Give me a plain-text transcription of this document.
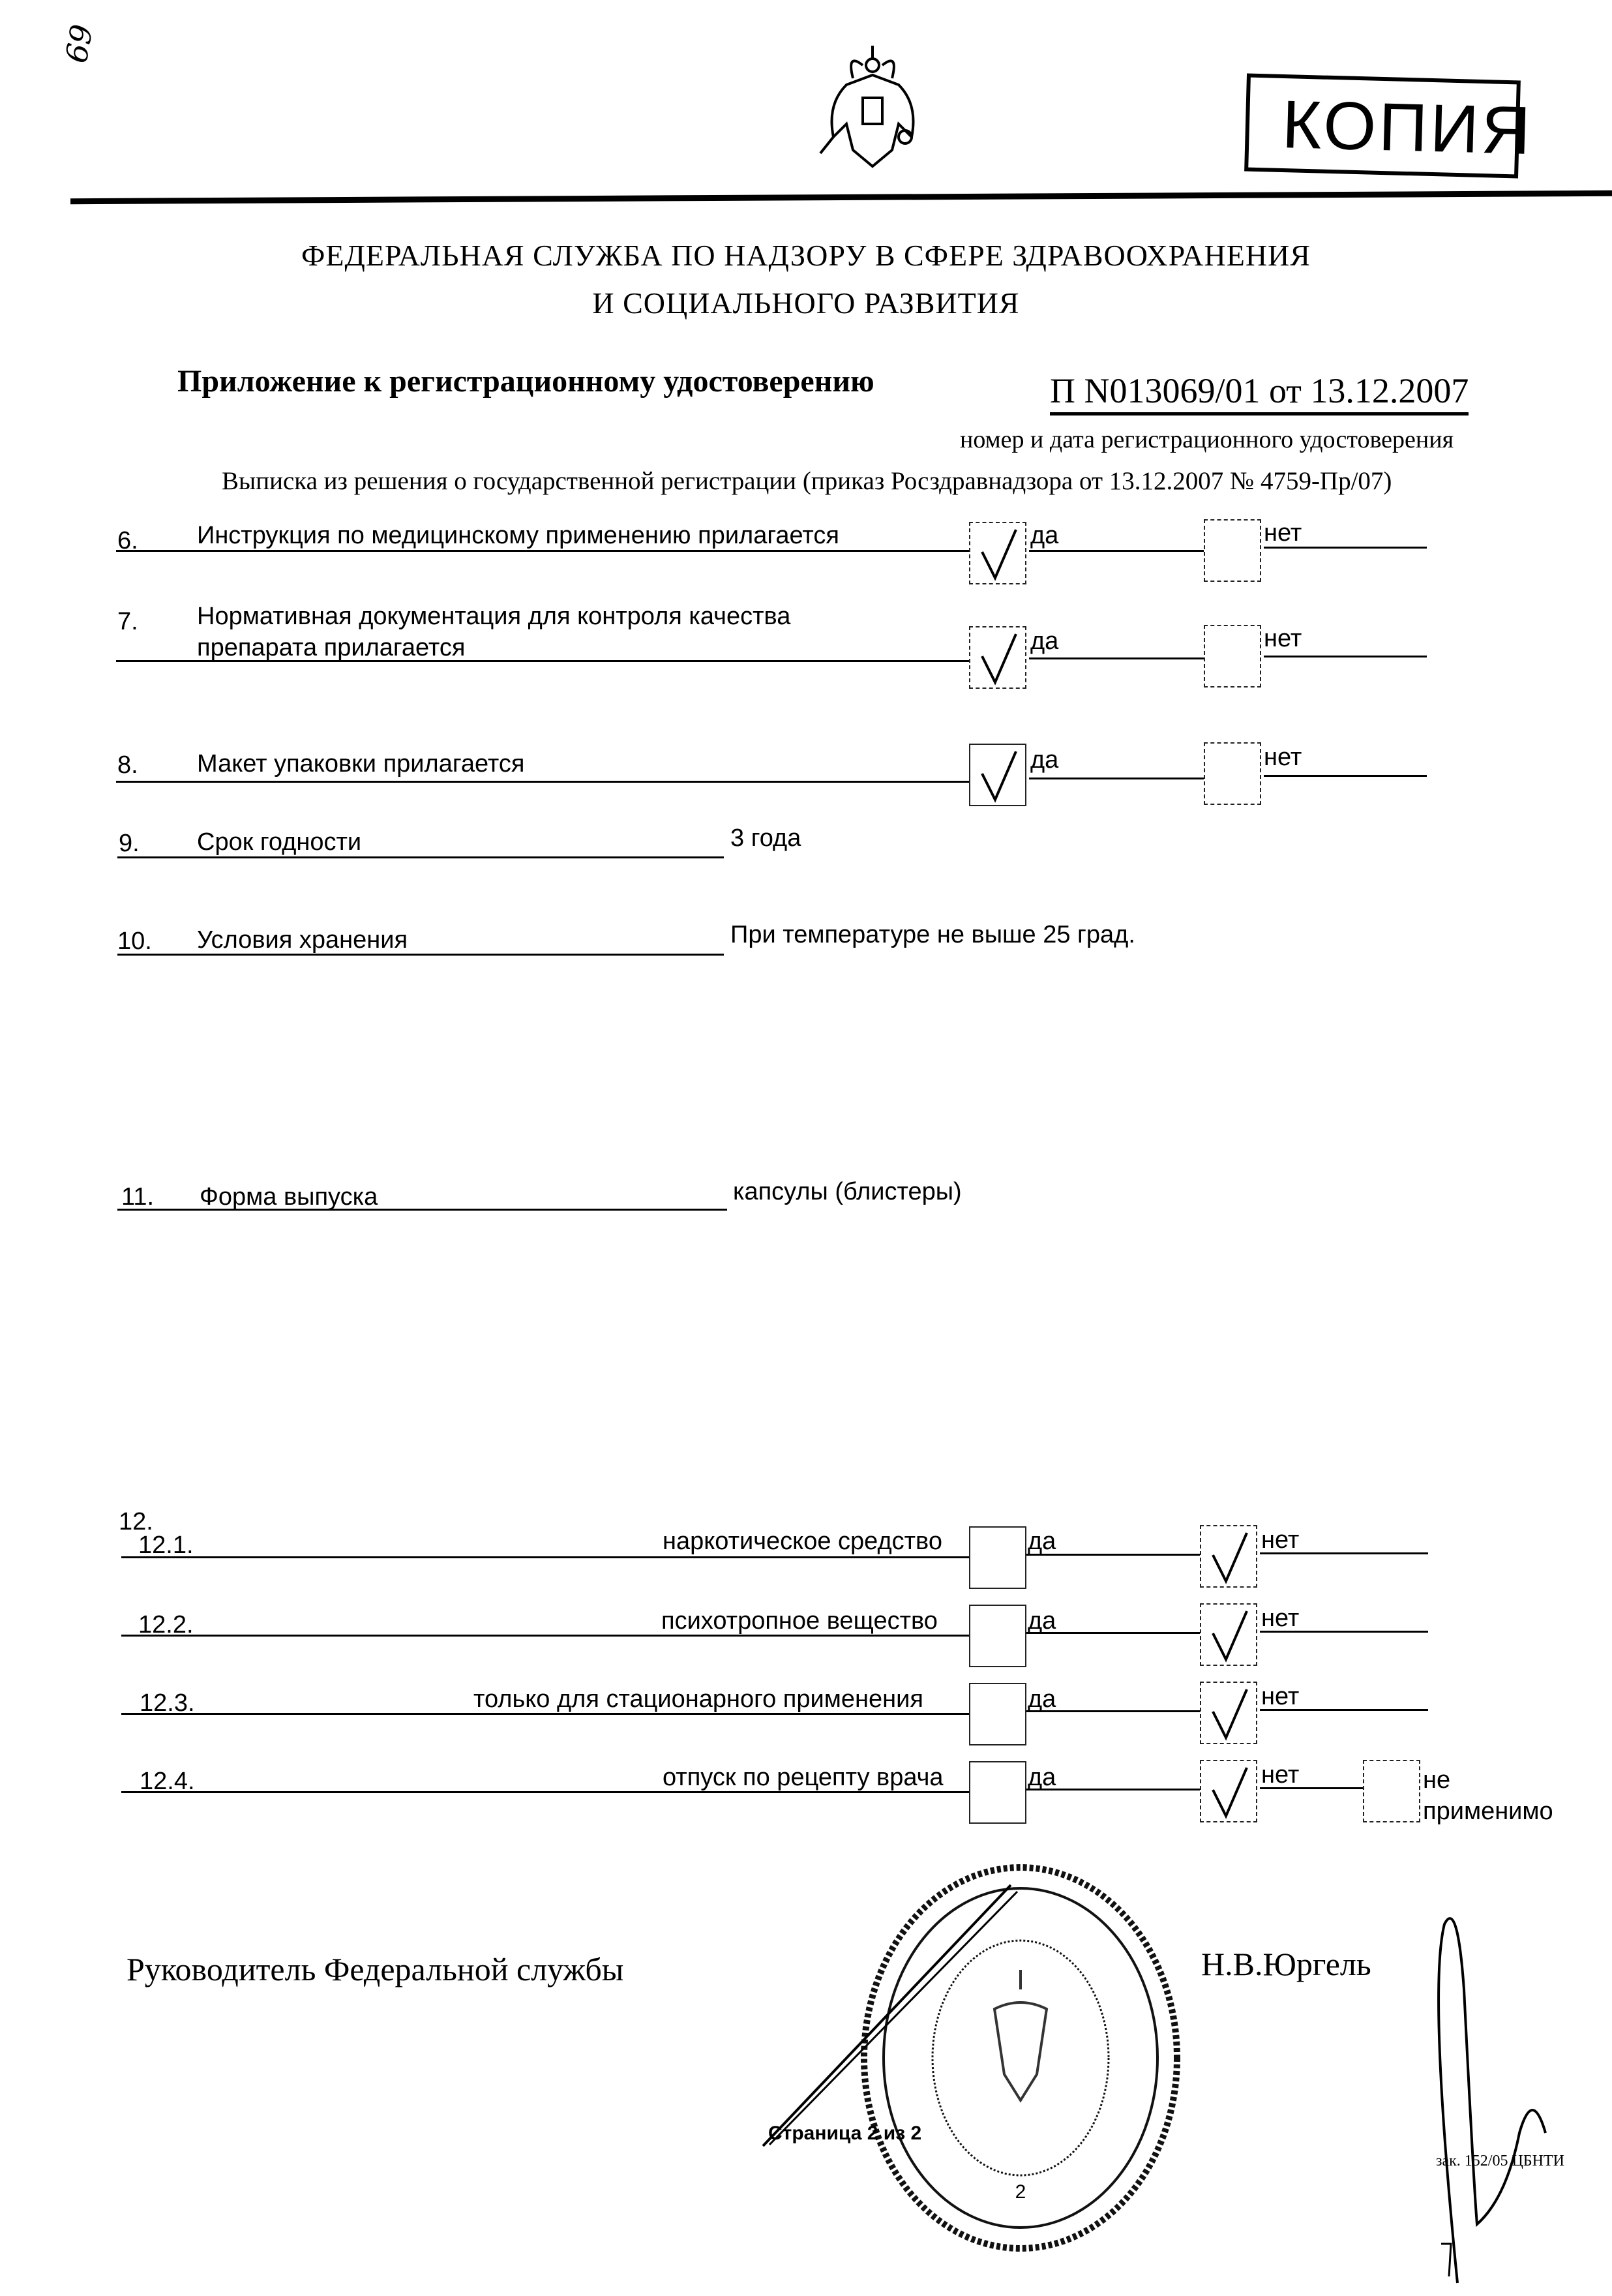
69
КОПИЯ
ФЕДЕРАЛЬНАЯ СЛУЖБА ПО НАДЗОРУ В СФЕРЕ ЗДРАВООХРАНЕНИЯ
И СОЦИАЛЬНОГО РАЗВИТИЯ
Приложение к регистрационному удостоверению	П N013069/01 от 13.12.2007
номер и дата регистрационного удостоверения
Выписка из решения о государственной регистрации (приказ Росздравнадзора от 13.12.2007 № 4759-Пр/07)
6. Инструкция по медицинскому применению прилагается	да	нет
7. Нормативная документация для контроля качества
препарата прилагается	да	нет
8. Макет упаковки прилагается	да	нет
9. Срок годности	3 года
10. Условия хранения	При температуре не выше 25 град.
11. Форма выпуска	капсулы (блистеры)
12.
12.1.	наркотическое средство	да	нет
12.2.	психотропное вещество	да	нет
12.3.	только для стационарного применения	да	нет
12.4.	отпуск по рецепту врача	да	нет	не
применимо
Руководитель Федеральной службы	Н.В.Юргель
2
Страница 2 из 2
зак. 152/05 ЦБНТИ
